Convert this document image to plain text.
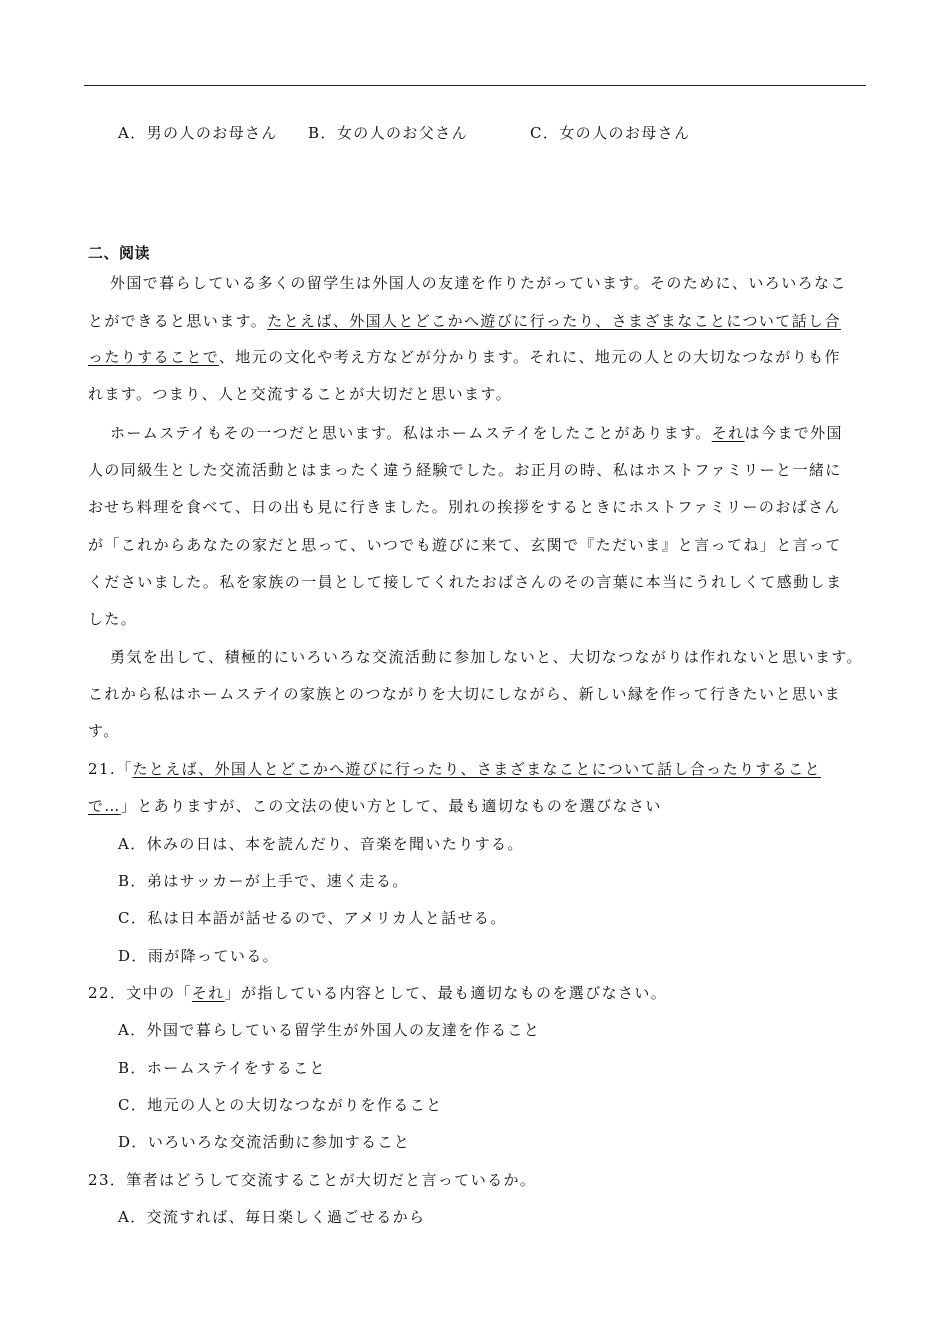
A．男の人のお母さん B．女の人のお父さん	C．女の人のお母さん
二、阅读
外国で暮らしている多くの留学生は外国人の友達を作りたがっています。そのために、いろいろなこ
とができると思います。たとえば、外国人とどこかへ遊びに行ったり、さまざまなことについて話し合
ったりすることで、地元の文化や考え方などが分かります。それに、地元の人との大切なつながりも作
れます。つまり、人と交流することが大切だと思います。
ホームステイもその一つだと思います。私はホームステイをしたことがあります。それは今まで外国
人の同級生とした交流活動とはまったく違う経験でした。お正月の時、私はホストファミリーと一緒に
おせち料理を食べて、日の出も見に行きました。別れの挨拶をするときにホストファミリーのおばさん
が「これからあなたの家だと思って、いつでも遊びに来て、玄関で『ただいま』と言ってね」と言って
くださいました。私を家族の一員として接してくれたおばさんのその言葉に本当にうれしくて感動しま
した。
勇気を出して、積極的にいろいろな交流活動に参加しないと、大切なつながりは作れないと思います。
これから私はホームステイの家族とのつながりを大切にしながら、新しい縁を作って行きたいと思いま
す。
21.「たとえば、外国人とどこかへ遊びに行ったり、さまざまなことについて話し合ったりすること
で…」とありますが、この文法の使い方として、最も適切なものを選びなさい
A．休みの日は、本を読んだり、音楽を聞いたりする。
B．弟はサッカーが上手で、速く走る。
C．私は日本語が話せるので、アメリカ人と話せる。
D．雨が降っている。
22．文中の「それ」が指している内容として、最も適切なものを選びなさい。
A．外国で暮らしている留学生が外国人の友達を作ること
B．ホームステイをすること
C．地元の人との大切なつながりを作ること
D．いろいろな交流活動に参加すること
23．筆者はどうして交流することが大切だと言っているか。
A．交流すれば、毎日楽しく過ごせるから
